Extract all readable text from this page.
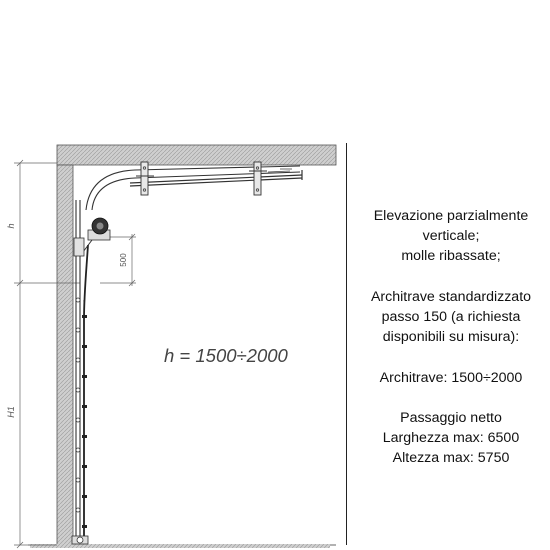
h
H1
500
h = 1500÷2000
Elevazione parzialmente
verticale;
molle ribassate;
Architrave standardizzato
passo 150 (a richiesta
disponibili su misura):
Architrave: 1500÷2000
Passaggio netto
Larghezza max: 6500
Altezza max: 5750
